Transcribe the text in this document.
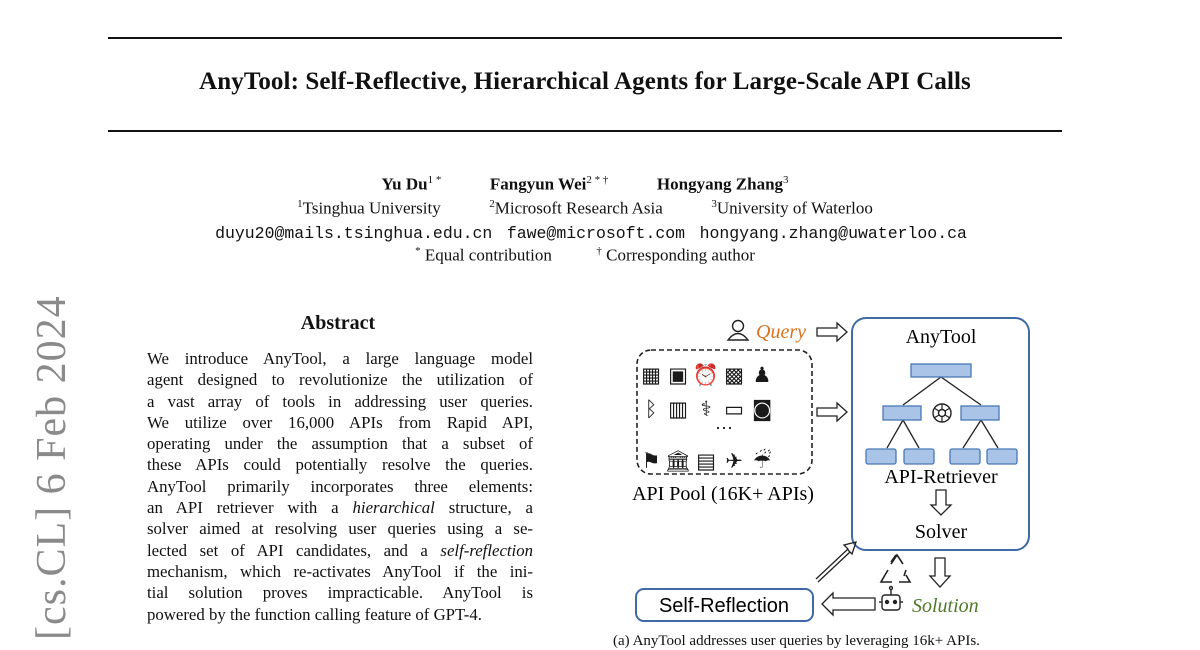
AnyTool: Self-Reflective, Hierarchical Agents for Large-Scale API Calls
Yu $Du^{1 *}$	Fangyun Wei$^{2 * \dagger}$	Hongyang Zhang$^3$
$^1$Tsinghua University	$^2$Microsoft Research Asia	$^3$University of Waterloo
duyu20@mails.tsinghua.edu.cn fawe@microsoft.com hongyang.zhang@uwaterloo.ca
* Equal contribution	† Corresponding author
[cs.CL] 6 Feb 2024	Abstract
We introduce AnyTool, a large language model
agent designed to revolutionize the utilization of
a vast array of tools in addressing user queries.
We utilize over 16,000 APIs from Rapid API,
operating under the assumption that a subset of
these APIs could potentially resolve the queries.
AnyTool primarily incorporates three elements:
an API retriever with a hierarchical structure, a
solver aimed at resolving user queries using a se-
lected set of API candidates, and a self-reflection
mechanism, which re-activates AnyTool if the ini-
tial solution proves impracticable. AnyTool is
powered by the function calling feature of GPT-4.
Query	AnyTool
API-Retriever
Solver
▦ ▣ ⏰ ▩ ♟
ᛒ ▥ ⚕ ▭ ◙
⚑ 🏛 ▤ ✈ ☔
···
API Pool (16K+ APIs)
Self-Reflection	Solution
(a) AnyTool addresses user queries by leveraging 16k+ APIs.
